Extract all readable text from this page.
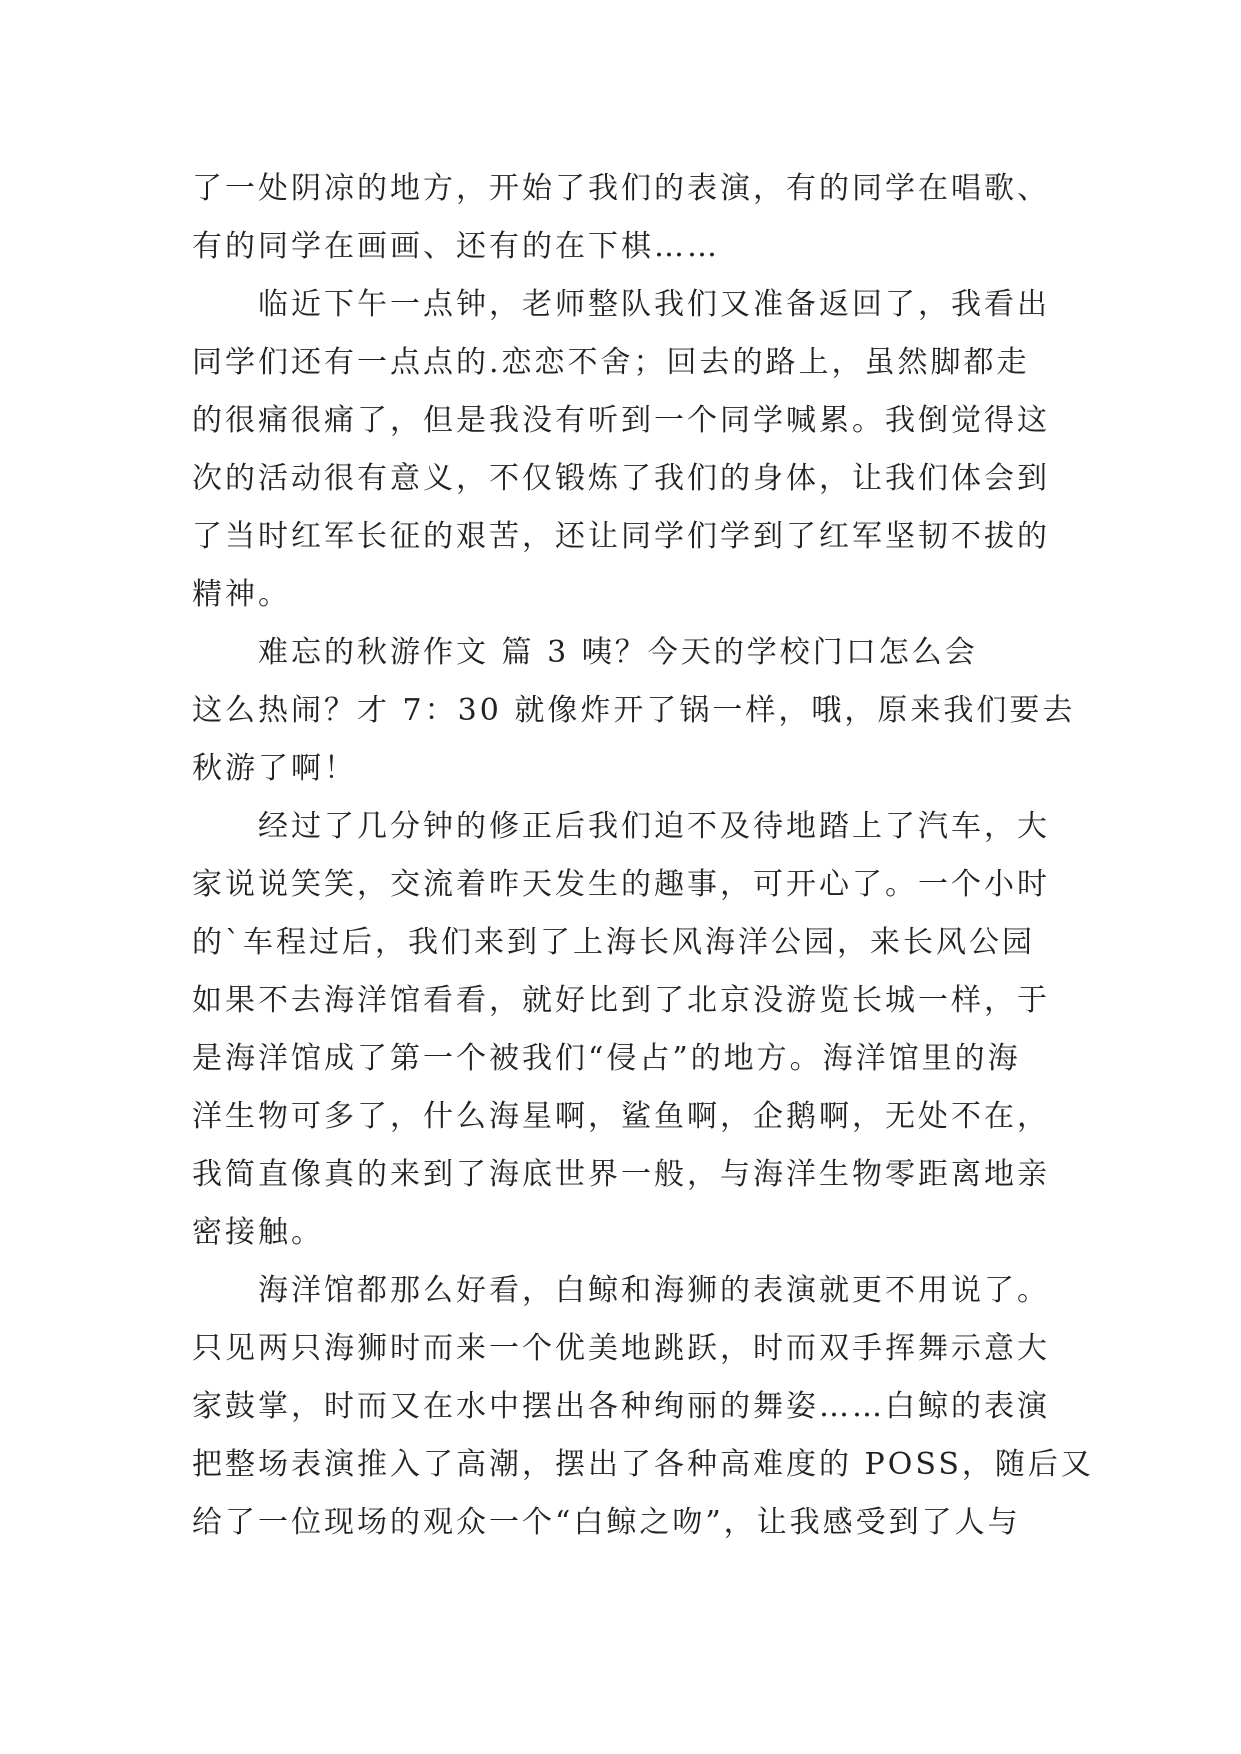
了一处阴凉的地方，开始了我们的表演，有的同学在唱歌、
有的同学在画画、还有的在下棋……
临近下午一点钟，老师整队我们又准备返回了，我看出
同学们还有一点点的.恋恋不舍；回去的路上，虽然脚都走
的很痛很痛了，但是我没有听到一个同学喊累。我倒觉得这
次的活动很有意义，不仅锻炼了我们的身体，让我们体会到
了当时红军长征的艰苦，还让同学们学到了红军坚韧不拔的
精神。
难忘的秋游作文 篇 3 咦？今天的学校门口怎么会
这么热闹？才 7：30 就像炸开了锅一样，哦，原来我们要去
秋游了啊！
经过了几分钟的修正后我们迫不及待地踏上了汽车，大
家说说笑笑，交流着昨天发生的趣事，可开心了。一个小时
的`车程过后，我们来到了上海长风海洋公园，来长风公园
如果不去海洋馆看看，就好比到了北京没游览长城一样，于
是海洋馆成了第一个被我们“侵占”的地方。海洋馆里的海
洋生物可多了，什么海星啊，鲨鱼啊，企鹅啊，无处不在，
我简直像真的来到了海底世界一般，与海洋生物零距离地亲
密接触。
海洋馆都那么好看，白鲸和海狮的表演就更不用说了。
只见两只海狮时而来一个优美地跳跃，时而双手挥舞示意大
家鼓掌，时而又在水中摆出各种绚丽的舞姿……白鲸的表演
把整场表演推入了高潮，摆出了各种高难度的 POSS，随后又
给了一位现场的观众一个“白鲸之吻”，让我感受到了人与
